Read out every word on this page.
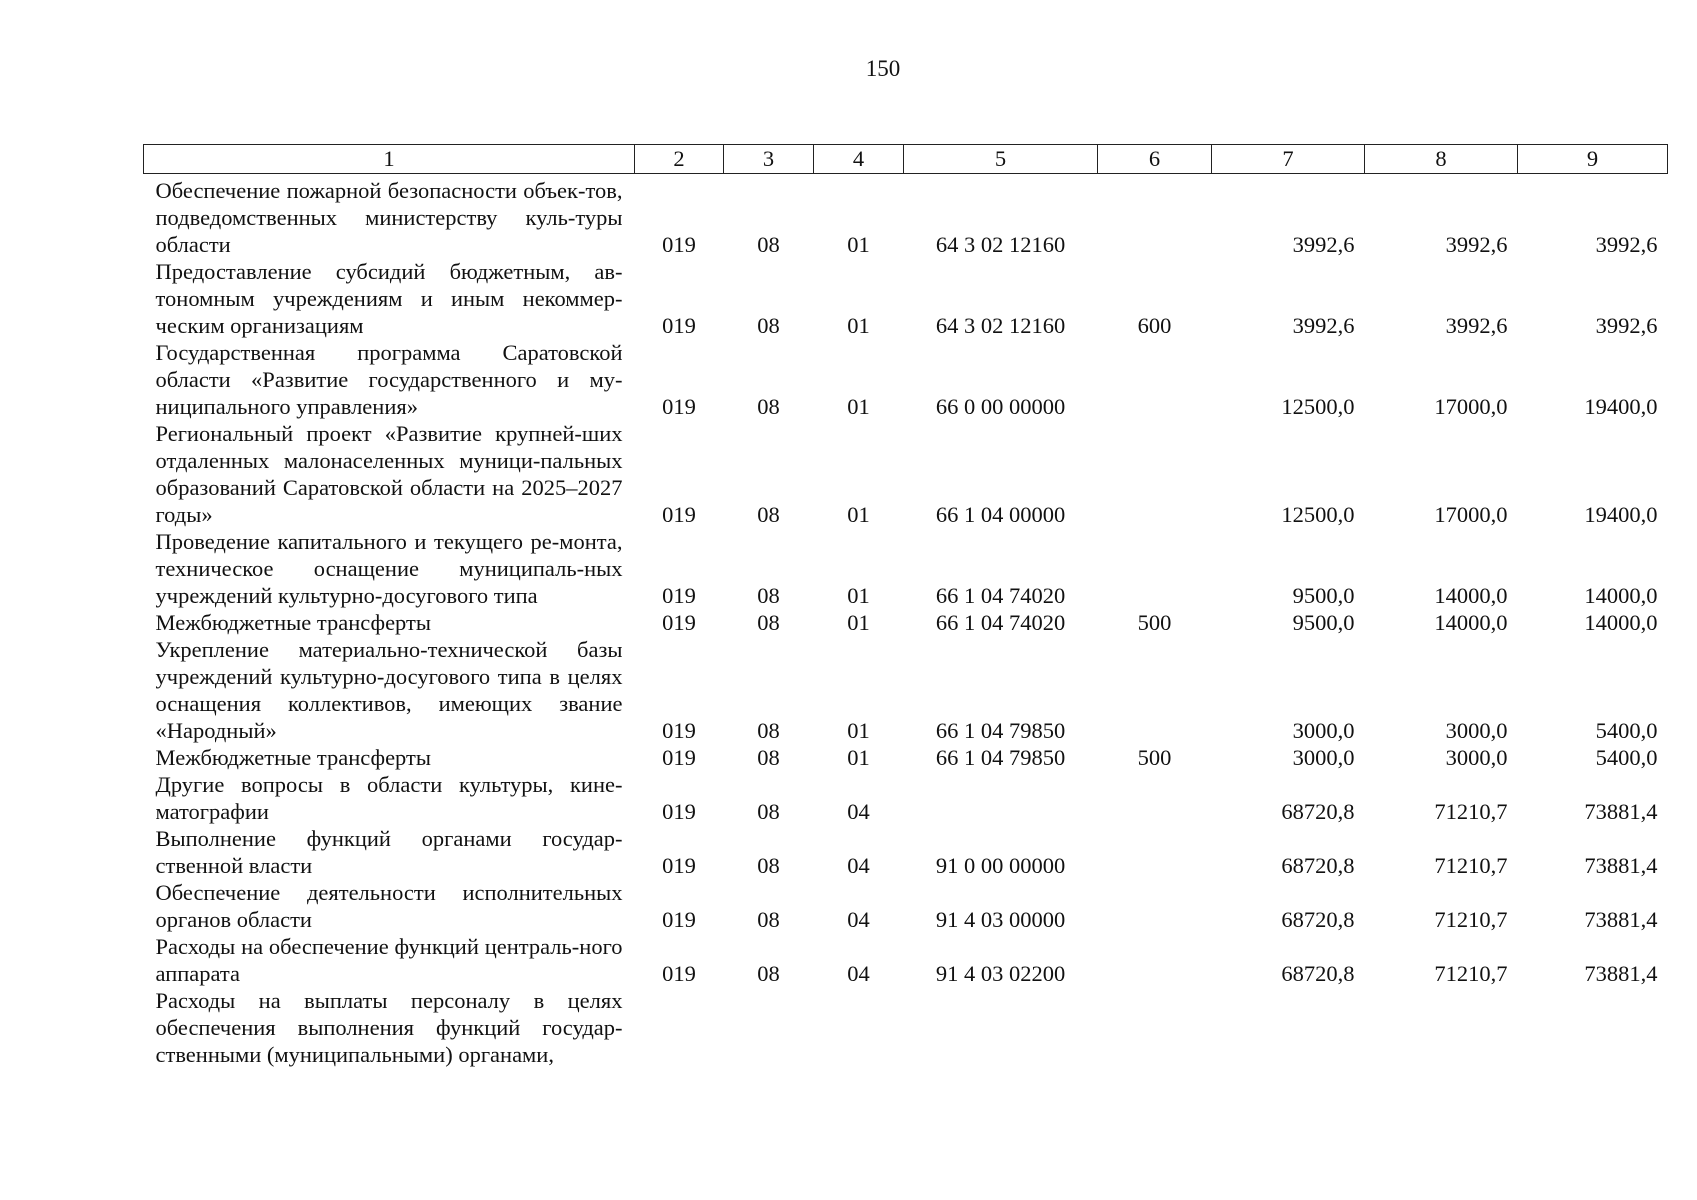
150
1	2	3	4	5	6	7	8	9
Обеспечение пожарной безопасности объек-тов, подведомственных министерству куль-туры области	019	08	01	64 3 02 12160		3992,6	3992,6	3992,6
Предоставление субсидий бюджетным, ав-тономным учреждениям и иным некоммер-ческим организациям	019	08	01	64 3 02 12160	600	3992,6	3992,6	3992,6
Государственная программа Саратовской области «Развитие государственного и му-ниципального управления»	019	08	01	66 0 00 00000		12500,0	17000,0	19400,0
Региональный проект «Развитие крупней-ших отдаленных малонаселенных муници-пальных образований Саратовской области на 2025–2027 годы»	019	08	01	66 1 04 00000		12500,0	17000,0	19400,0
Проведение капитального и текущего ре-монта, техническое оснащение муниципаль-ных учреждений культурно-досугового типа	019	08	01	66 1 04 74020		9500,0	14000,0	14000,0
Межбюджетные трансферты	019	08	01	66 1 04 74020	500	9500,0	14000,0	14000,0
Укрепление материально-технической базы учреждений культурно-досугового типа в целях оснащения коллективов, имеющих звание «Народный»	019	08	01	66 1 04 79850		3000,0	3000,0	5400,0
Межбюджетные трансферты	019	08	01	66 1 04 79850	500	3000,0	3000,0	5400,0
Другие вопросы в области культуры, кине-матографии	019	08	04			68720,8	71210,7	73881,4
Выполнение функций органами государ-ственной власти	019	08	04	91 0 00 00000		68720,8	71210,7	73881,4
Обеспечение деятельности исполнительных органов области	019	08	04	91 4 03 00000		68720,8	71210,7	73881,4
Расходы на обеспечение функций централь-ного аппарата	019	08	04	91 4 03 02200		68720,8	71210,7	73881,4
Расходы на выплаты персоналу в целях обеспечения выполнения функций государ-ственными (муниципальными) органами,								
